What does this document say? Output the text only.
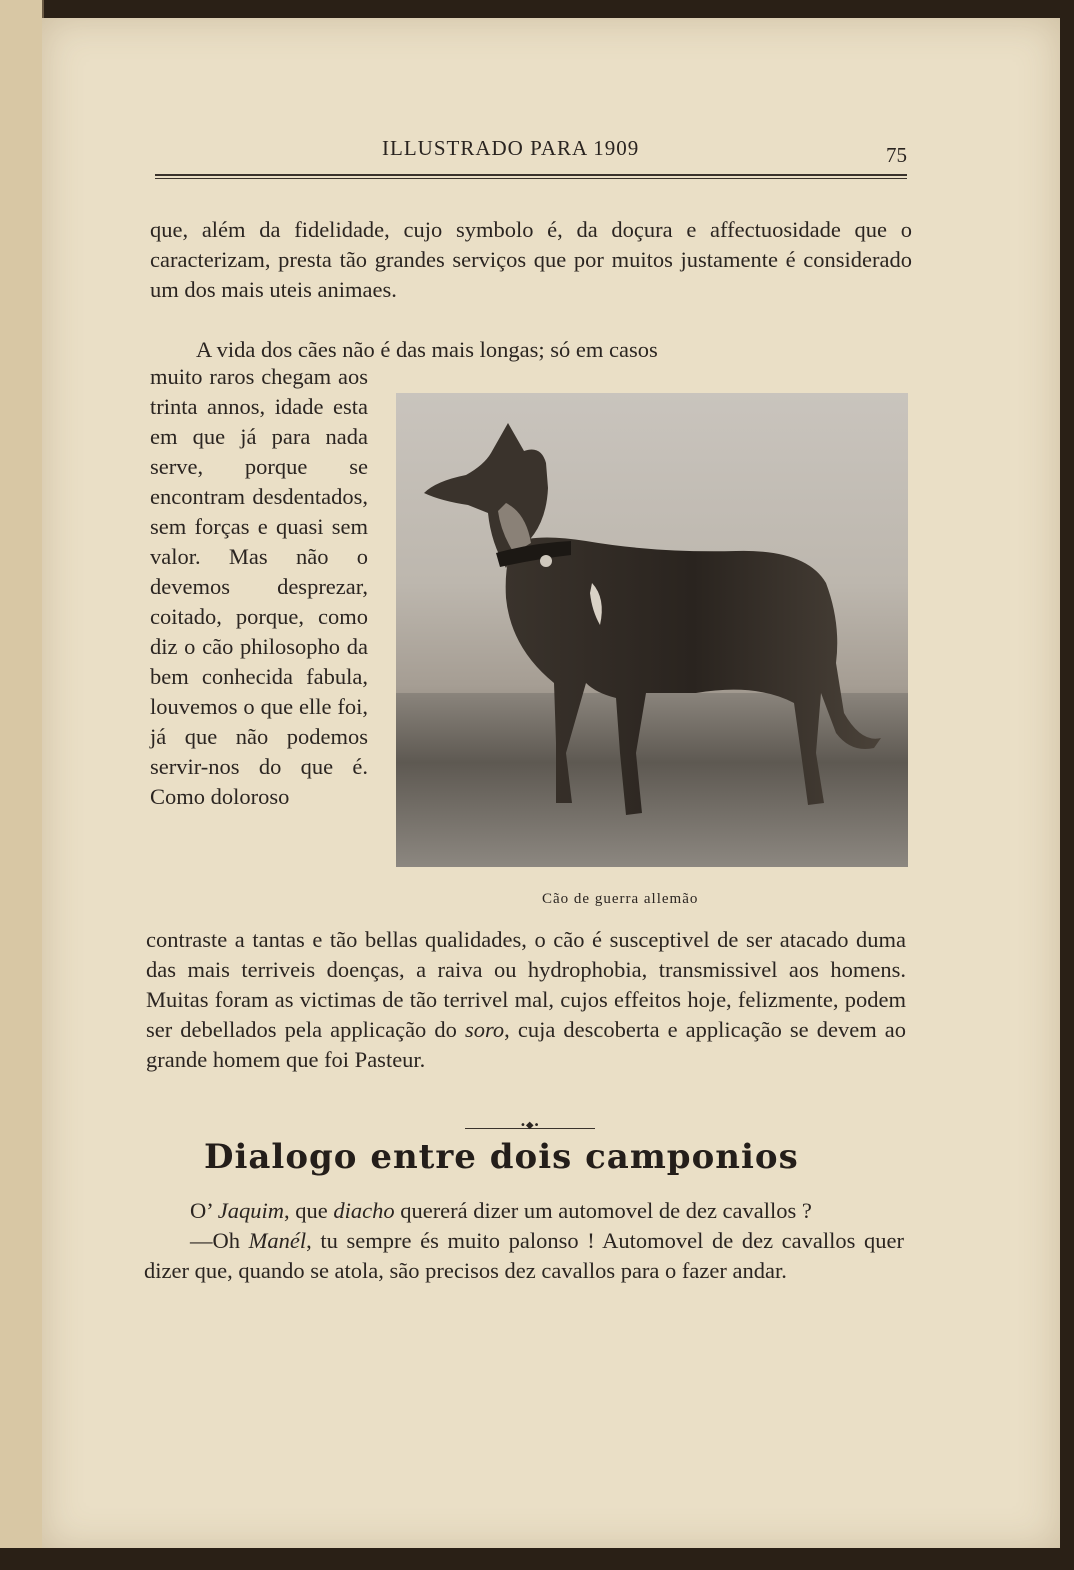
ILLUSTRADO PARA 1909	75
que, além da fidelidade, cujo symbolo é, da doçura e affectuosidade que o caracterizam, presta tão grandes serviços que por muitos justamente é considerado um dos mais uteis animaes.
A vida dos cães não é das mais longas; só em casos
muito raros chegam aos trinta annos, idade esta em que já para nada serve, porque se encontram desdentados, sem forças e quasi sem valor. Mas não o devemos desprezar, coitado, porque, como diz o cão philosopho da bem conhecida fabula, louvemos o que elle foi, já que não podemos servir-nos do que é. Como doloroso
Cão de guerra allemão
contraste a tantas e tão bellas qualidades, o cão é susceptivel de ser atacado duma das mais terriveis doenças, a raiva ou hydrophobia, transmissivel aos homens. Muitas foram as victimas de tão terrivel mal, cujos effeitos hoje, felizmente, podem ser debellados pela applicação do soro, cuja descoberta e applicação se devem ao grande homem que foi Pasteur.
•◆•
Dialogo entre dois camponios
O’ Jaquim, que diacho quererá dizer um automovel de dez cavallos ?
—Oh Manél, tu sempre és muito palonso ! Automovel de dez cavallos quer dizer que, quando se atola, são precisos dez cavallos para o fazer andar.
